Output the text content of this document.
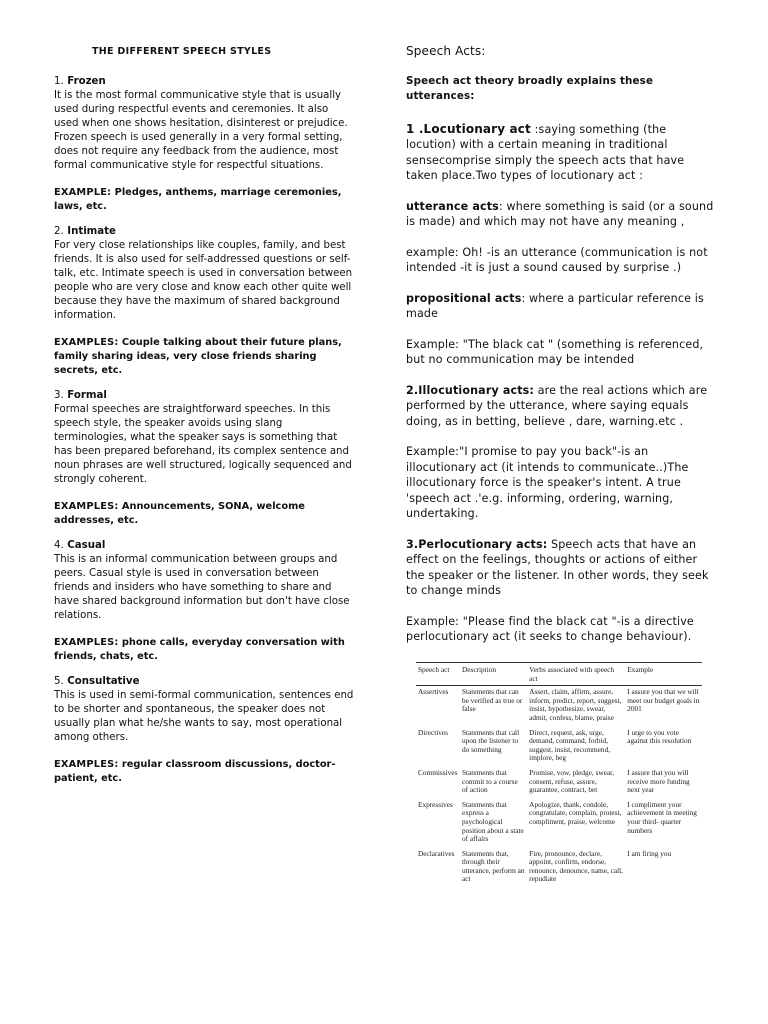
THE DIFFERENT SPEECH STYLES
1. Frozen

It is the most formal communicative style that is usually used during respectful events and ceremonies. It also used when one shows hesitation, disinterest or prejudice. Frozen speech is used generally in a very formal setting, does not require any feedback from the audience, most formal communicative style for respectful situations.

EXAMPLE: Pledges, anthems, marriage ceremonies, laws, etc.
2. Intimate

For very close relationships like couples, family, and best friends. It is also used for self-addressed questions or self-talk, etc. Intimate speech is used in conversation between people who are very close and know each other quite well because they have the maximum of shared background information.

EXAMPLES: Couple talking about their future plans, family sharing ideas, very close friends sharing secrets, etc.
3. Formal

Formal speeches are straightforward speeches. In this speech style, the speaker avoids using slang terminologies, what the speaker says is something that has been prepared beforehand, its complex sentence and noun phrases are well structured, logically sequenced and strongly coherent.

EXAMPLES: Announcements, SONA, welcome addresses, etc.
4. Casual

This is an informal communication between groups and peers. Casual style is used in conversation between friends and insiders who have something to share and have shared background information but don't have close relations.

EXAMPLES: phone calls, everyday conversation with friends, chats, etc.
5. Consultative

This is used in semi-formal communication, sentences end to be shorter and spontaneous, the speaker does not usually plan what he/she wants to say, most operational among others.

EXAMPLES: regular classroom discussions, doctor-patient, etc.
Speech Acts:
Speech act theory broadly explains these utterances:
1 .Locutionary act :saying something (the locution) with a certain meaning in traditional sensecomprise simply the speech acts that have taken place.Two types of locutionary act :
utterance acts: where something is said (or a sound is made) and which may not have any meaning ,

example: Oh! -is an utterance (communication is not intended -it is just a sound caused by surprise .)

propositional acts: where a particular reference is made

Example: "The black cat " (something is referenced, but no communication may be intended

2.Illocutionary acts: are the real actions which are performed by the utterance, where saying equals doing, as in betting, believe , dare, warning.etc .

Example:"I promise to pay you back"-is an illocutionary act (it intends to communicate..)The illocutionary force is the speaker's intent. A true 'speech act .'e.g. informing, ordering, warning, undertaking.

3.Perlocutionary acts: Speech acts that have an effect on the feelings, thoughts or actions of either the speaker or the listener. In other words, they seek to change minds

Example: "Please find the black cat "-is a directive perlocutionary act (it seeks to change behaviour).

Speech act	Description	Verbs associated with speech act	Example
Assertives	Statements that can be verified as true or false	Assert, claim, affirm, assure, inform, predict, report, suggest, insist, hypothesize, swear, admit, confess, blame, praise	I assure you that we will meet our budget goals in 2001
Directives	Statements that call upon the listener to do something	Direct, request, ask, urge, demand, command, forbid, suggest, insist, recommend, implore, beg	I urge to you vote against this resolution
Commissives	Statements that commit to a course of action	Promise, vow, pledge, swear, consent, refuse, assure, guarantee, contract, bet	I assure that you will receive more funding next year
Expressives	Statements that express a psychological position about a state of affairs	Apologize, thank, condole, congratulate, complain, protest, compliment, praise, welcome	I compliment your achievement in meeting your third- quarter numbers
Declaratives	Statements that, through their utterance, perform an act	Fire, pronounce, declare, appoint, confirm, endorse, renounce, denounce, name, call, repudiate	I am firing you
